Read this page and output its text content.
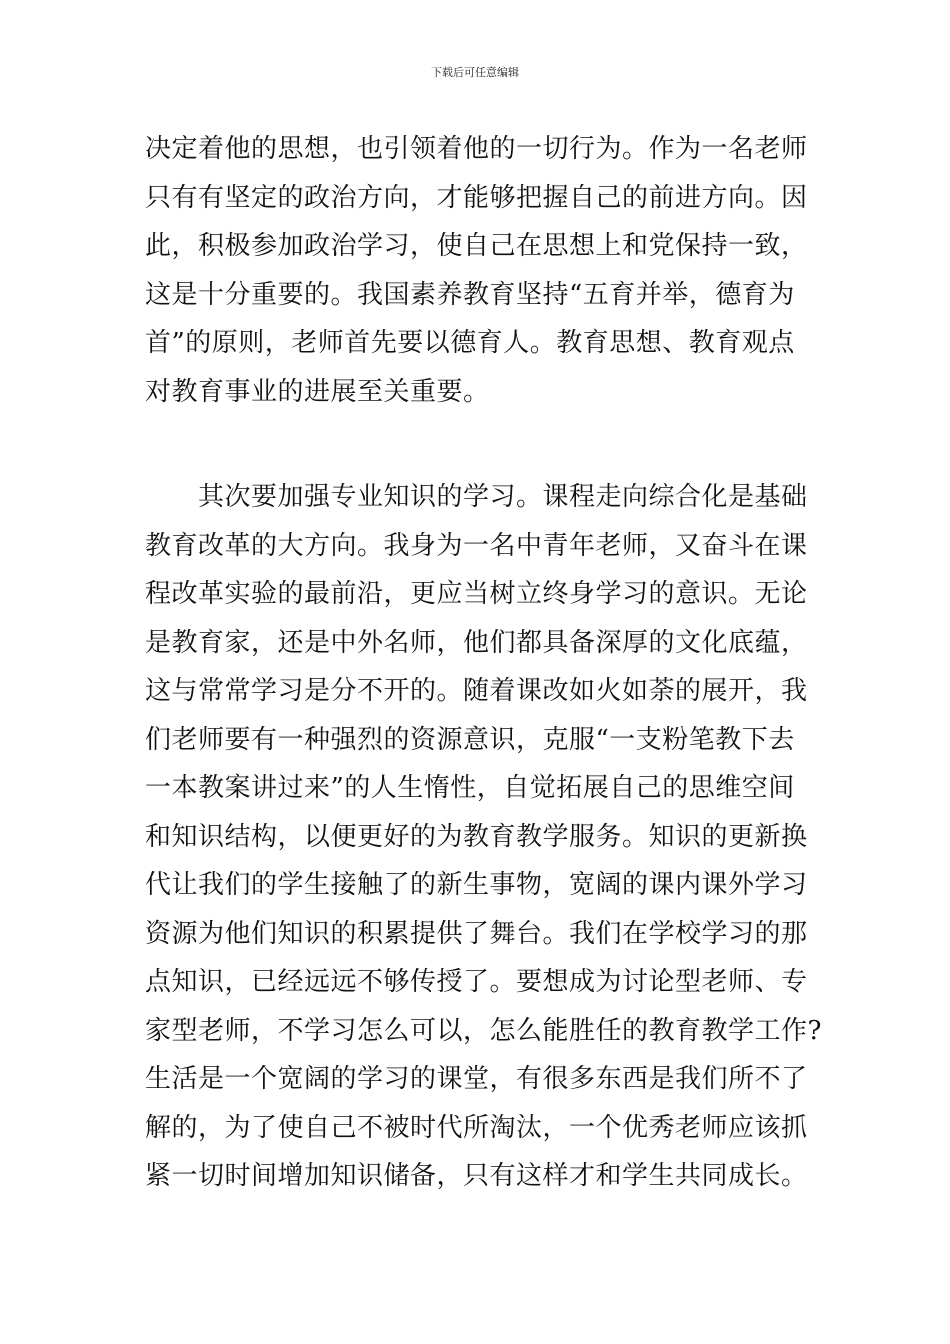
下载后可任意编辑
决定着他的思想，也引领着他的一切行为。作为一名老师
只有有坚定的政治方向，才能够把握自己的前进方向。因
此，积极参加政治学习，使自己在思想上和党保持一致，
这是十分重要的。我国素养教育坚持“五育并举，德育为
首”的原则，老师首先要以德育人。教育思想、教育观点
对教育事业的进展至关重要。
　　其次要加强专业知识的学习。课程走向综合化是基础
教育改革的大方向。我身为一名中青年老师，又奋斗在课
程改革实验的最前沿，更应当树立终身学习的意识。无论
是教育家，还是中外名师，他们都具备深厚的文化底蕴，
这与常常学习是分不开的。随着课改如火如荼的展开，我
们老师要有一种强烈的资源意识，克服“一支粉笔教下去
一本教案讲过来”的人生惰性，自觉拓展自己的思维空间
和知识结构，以便更好的为教育教学服务。知识的更新换
代让我们的学生接触了的新生事物，宽阔的课内课外学习
资源为他们知识的积累提供了舞台。我们在学校学习的那
点知识，已经远远不够传授了。要想成为讨论型老师、专
家型老师，不学习怎么可以，怎么能胜任的教育教学工作?
生活是一个宽阔的学习的课堂，有很多东西是我们所不了
解的，为了使自己不被时代所淘汰，一个优秀老师应该抓
紧一切时间增加知识储备，只有这样才和学生共同成长。
